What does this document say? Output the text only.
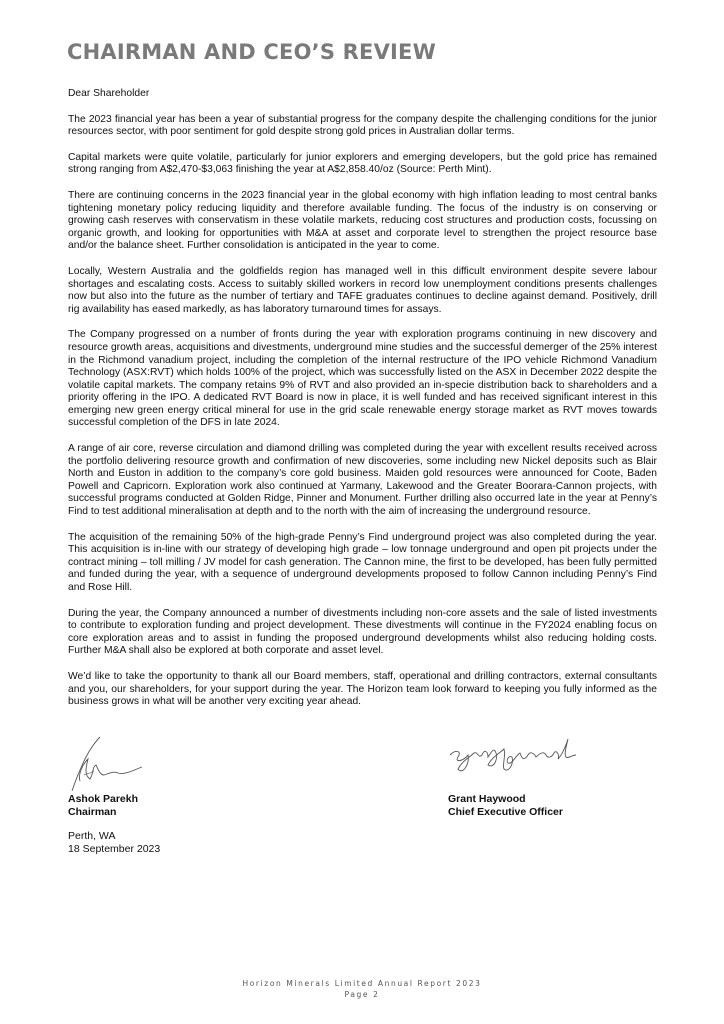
CHAIRMAN AND CEO’S REVIEW

Dear Shareholder

The 2023 financial year has been a year of substantial progress for the company despite the challenging conditions for the junior resources sector, with poor sentiment for gold despite strong gold prices in Australian dollar terms.

Capital markets were quite volatile, particularly for junior explorers and emerging developers, but the gold price has remained strong ranging from A$2,470-$3,063 finishing the year at A$2,858.40/oz (Source: Perth Mint).

There are continuing concerns in the 2023 financial year in the global economy with high inflation leading to most central banks tightening monetary policy reducing liquidity and therefore available funding. The focus of the industry is on conserving or growing cash reserves with conservatism in these volatile markets, reducing cost structures and production costs, focussing on organic growth, and looking for opportunities with M&A at asset and corporate level to strengthen the project resource base and/or the balance sheet. Further consolidation is anticipated in the year to come.

Locally, Western Australia and the goldfields region has managed well in this difficult environment despite severe labour shortages and escalating costs. Access to suitably skilled workers in record low unemployment conditions presents challenges now but also into the future as the number of tertiary and TAFE graduates continues to decline against demand. Positively, drill rig availability has eased markedly, as has laboratory turnaround times for assays.

The Company progressed on a number of fronts during the year with exploration programs continuing in new discovery and resource growth areas, acquisitions and divestments, underground mine studies and the successful demerger of the 25% interest in the Richmond vanadium project, including the completion of the internal restructure of the IPO vehicle Richmond Vanadium Technology (ASX:RVT) which holds 100% of the project, which was successfully listed on the ASX in December 2022 despite the volatile capital markets. The company retains 9% of RVT and also provided an in-specie distribution back to shareholders and a priority offering in the IPO. A dedicated RVT Board is now in place, it is well funded and has received significant interest in this emerging new green energy critical mineral for use in the grid scale renewable energy storage market as RVT moves towards successful completion of the DFS in late 2024.

A range of air core, reverse circulation and diamond drilling was completed during the year with excellent results received across the portfolio delivering resource growth and confirmation of new discoveries, some including new Nickel deposits such as Blair North and Euston in addition to the company’s core gold business. Maiden gold resources were announced for Coote, Baden Powell and Capricorn. Exploration work also continued at Yarmany, Lakewood and the Greater Boorara-Cannon projects, with successful programs conducted at Golden Ridge, Pinner and Monument. Further drilling also occurred late in the year at Penny’s Find to test additional mineralisation at depth and to the north with the aim of increasing the underground resource.

The acquisition of the remaining 50% of the high-grade Penny’s Find underground project was also completed during the year. This acquisition is in-line with our strategy of developing high grade – low tonnage underground and open pit projects under the contract mining – toll milling / JV model for cash generation. The Cannon mine, the first to be developed, has been fully permitted and funded during the year, with a sequence of underground developments proposed to follow Cannon including Penny’s Find and Rose Hill.

During the year, the Company announced a number of divestments including non-core assets and the sale of listed investments to contribute to exploration funding and project development. These divestments will continue in the FY2024 enabling focus on core exploration areas and to assist in funding the proposed underground developments whilst also reducing holding costs. Further M&A shall also be explored at both corporate and asset level.

We’d like to take the opportunity to thank all our Board members, staff, operational and drilling contractors, external consultants and you, our shareholders, for your support during the year. The Horizon team look forward to keeping you fully informed as the business grows in what will be another very exciting year ahead.

Ashok Parekh
Chairman
Grant Haywood
Chief Executive Officer
Perth, WA
18 September 2023
Horizon Minerals Limited Annual Report 2023
Page 2
